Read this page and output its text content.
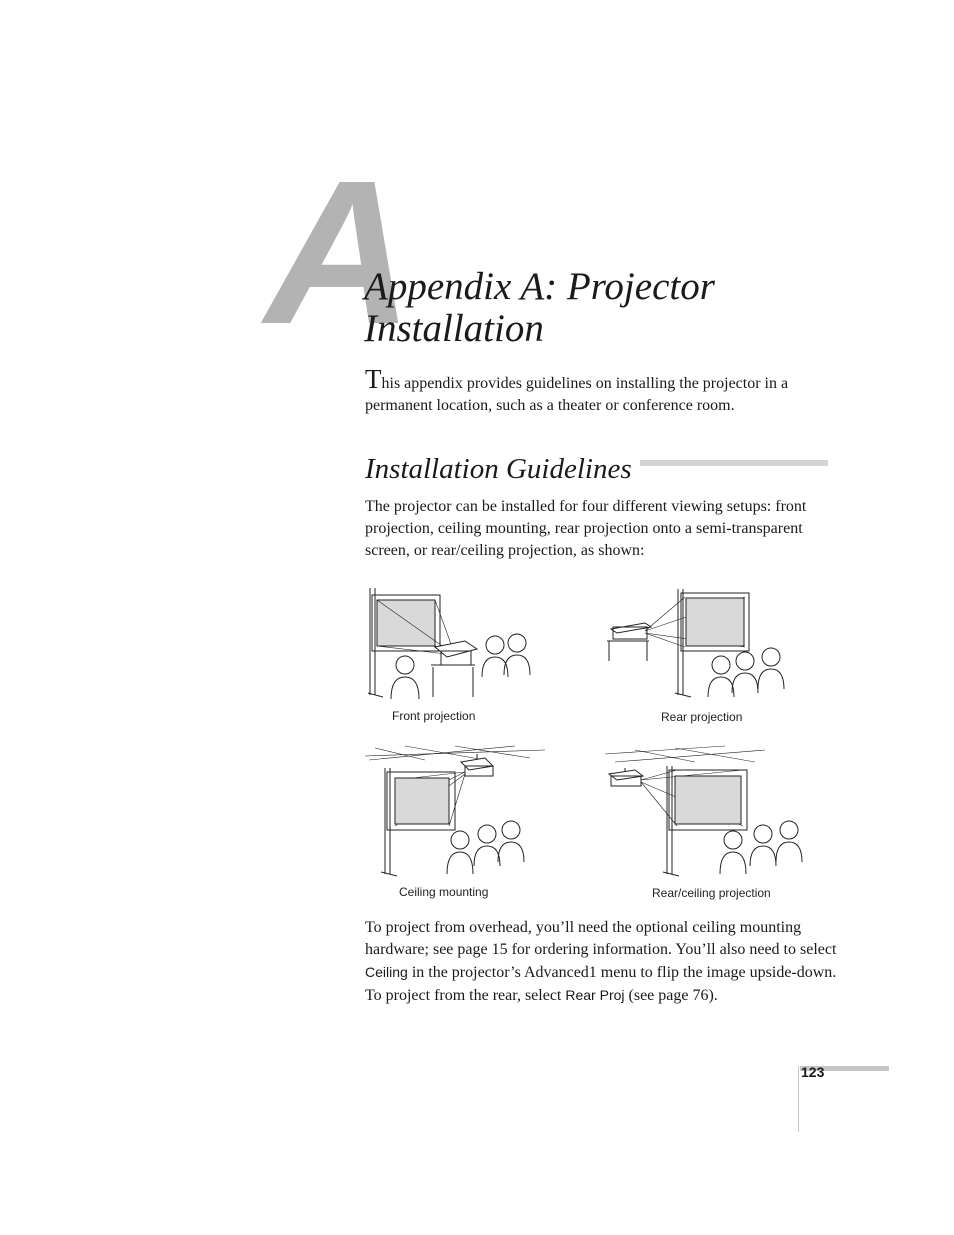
A
Appendix A: Projector
Installation

This appendix provides guidelines on installing the projector in a permanent location, such as a theater or conference room.

Installation Guidelines

The projector can be installed for four different viewing setups: front projection, ceiling mounting, rear projection onto a semi-transparent screen, or rear/ceiling projection, as shown:

Front projection	Rear projection
Ceiling mounting	Rear/ceiling projection

To project from overhead, you’ll need the optional ceiling mounting hardware; see page 15 for ordering information. You’ll also need to select Ceiling in the projector’s Advanced1 menu to flip the image upside-down. To project from the rear, select Rear Proj (see page 76).

123
